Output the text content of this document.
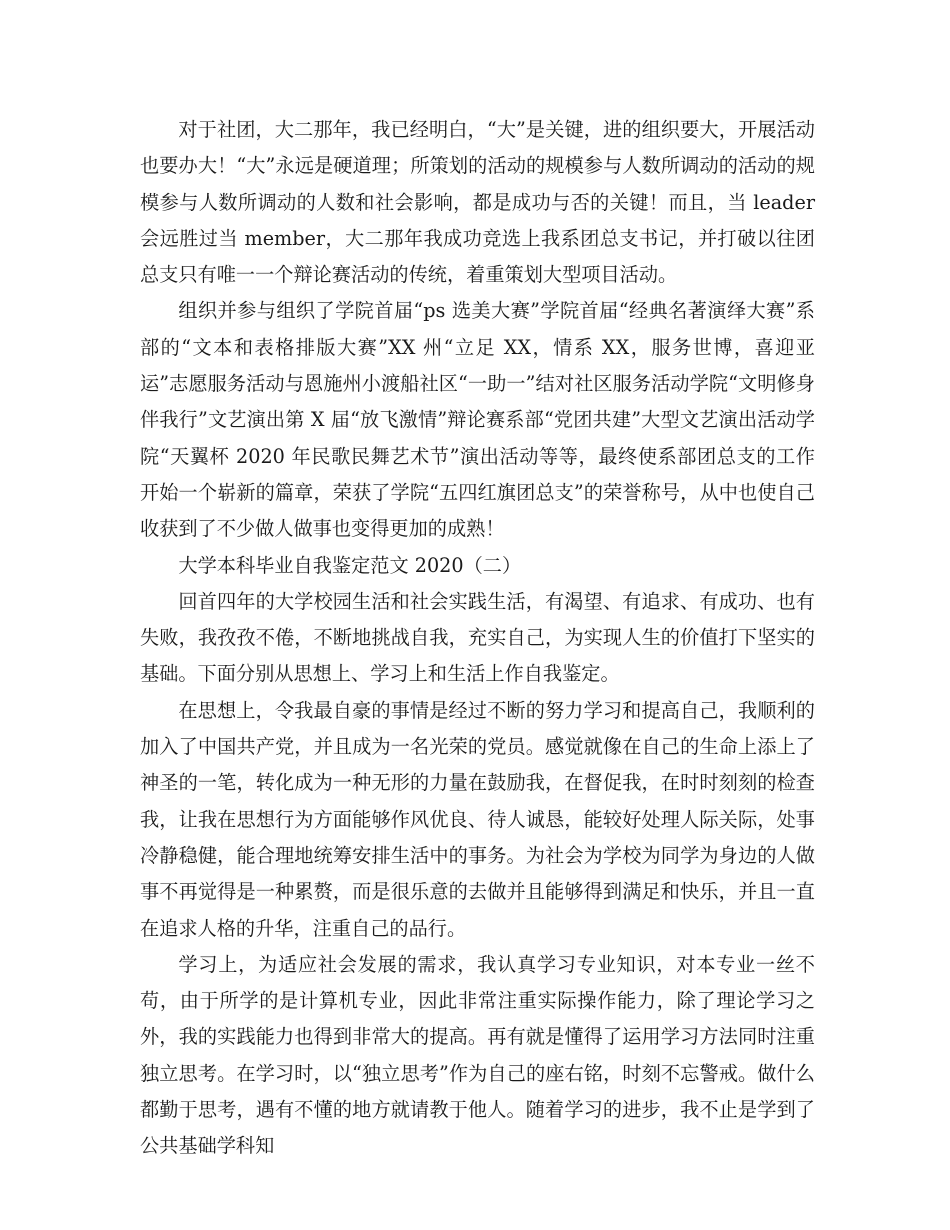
对于社团，大二那年，我已经明白，“大”是关键，进的组织要大，开展活动也要办大！“大”永远是硬道理；所策划的活动的规模参与人数所调动的活动的规模参与人数所调动的人数和社会影响，都是成功与否的关键！而且，当 leader 会远胜过当 member，大二那年我成功竞选上我系团总支书记，并打破以往团总支只有唯一一个辩论赛活动的传统，着重策划大型项目活动。

组织并参与组织了学院首届“ps 选美大赛”学院首届“经典名著演绎大赛”系部的“文本和表格排版大赛”XX 州“立足 XX，情系 XX，服务世博，喜迎亚运”志愿服务活动与恩施州小渡船社区“一助一”结对社区服务活动学院“文明修身伴我行”文艺演出第 X 届“放飞激情”辩论赛系部“党团共建”大型文艺演出活动学院“天翼杯 2020 年民歌民舞艺术节”演出活动等等，最终使系部团总支的工作开始一个崭新的篇章，荣获了学院“五四红旗团总支”的荣誉称号，从中也使自己收获到了不少做人做事也变得更加的成熟！

大学本科毕业自我鉴定范文 2020（二）

回首四年的大学校园生活和社会实践生活，有渴望、有追求、有成功、也有失败，我孜孜不倦，不断地挑战自我，充实自己，为实现人生的价值打下坚实的基础。下面分别从思想上、学习上和生活上作自我鉴定。

在思想上，令我最自豪的事情是经过不断的努力学习和提高自己，我顺利的加入了中国共产党，并且成为一名光荣的党员。感觉就像在自己的生命上添上了神圣的一笔，转化成为一种无形的力量在鼓励我，在督促我，在时时刻刻的检查我，让我在思想行为方面能够作风优良、待人诚恳，能较好处理人际关际，处事冷静稳健，能合理地统筹安排生活中的事务。为社会为学校为同学为身边的人做事不再觉得是一种累赘，而是很乐意的去做并且能够得到满足和快乐，并且一直在追求人格的升华，注重自己的品行。

学习上，为适应社会发展的需求，我认真学习专业知识，对本专业一丝不苟，由于所学的是计算机专业，因此非常注重实际操作能力，除了理论学习之外，我的实践能力也得到非常大的提高。再有就是懂得了运用学习方法同时注重独立思考。在学习时，以“独立思考”作为自己的座右铭，时刻不忘警戒。做什么都勤于思考，遇有不懂的地方就请教于他人。随着学习的进步，我不止是学到了公共基础学科知
